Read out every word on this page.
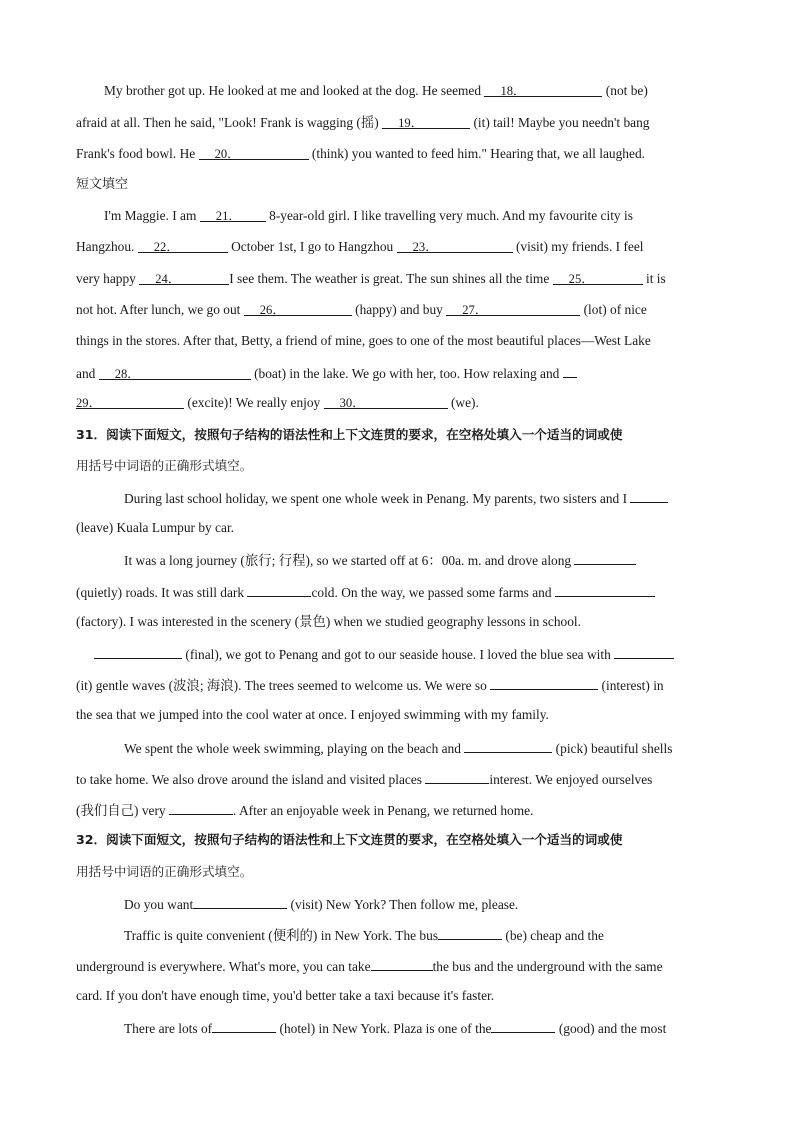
My brother got up. He looked at me and looked at the dog. He seemed 18．	(not be)
afraid at all. Then he said, "Look! Frank is wagging (摇) 19．	(it) tail! Maybe you needn't bang
Frank's food bowl. He 20．	(think) you wanted to feed him." Hearing that, we all laughed.
短文填空
I'm Maggie. I am 21． 8-year-old girl. I like travelling very much. And my favourite city is
Hangzhou. 22．	October 1st, I go to Hangzhou 23．	(visit) my friends. I feel
very happy 24．	I see them. The weather is great. The sun shines all the time 25．	it is
not hot. After lunch, we go out 26．	(happy) and buy 27．	(lot) of nice
things in the stores. After that, Betty, a friend of mine, goes to one of the most beautiful places—West Lake
and 28．	(boat) in the lake. We go with her, too. How relaxing and
29．	(excite)! We really enjoy 30．	(we).
31．阅读下面短文，按照句子结构的语法性和上下文连贯的要求，在空格处填入一个适当的词或使
用括号中词语的正确形式填空。
During last school holiday, we spent one whole week in Penang. My parents, two sisters and I
(leave) Kuala Lumpur by car.
It was a long journey (旅行; 行程), so we started off at 6：00a. m. and drove along
(quietly) roads. It was still dark	cold. On the way, we passed some farms and
(factory). I was interested in the scenery (景色) when we studied geography lessons in school.
(final), we got to Penang and got to our seaside house. I loved the blue sea with
(it) gentle waves (波浪; 海浪). The trees seemed to welcome us. We were so	(interest) in
the sea that we jumped into the cool water at once. I enjoyed swimming with my family.
We spent the whole week swimming, playing on the beach and	(pick) beautiful shells
to take home. We also drove around the island and visited places	interest. We enjoyed ourselves
(我们自己) very	. After an enjoyable week in Penang, we returned home.
32．阅读下面短文，按照句子结构的语法性和上下文连贯的要求，在空格处填入一个适当的词或使
用括号中词语的正确形式填空。
Do you want	(visit) New York? Then follow me, please.
Traffic is quite convenient (便利的) in New York. The bus	(be) cheap and the
underground is everywhere. What's more, you can take	the bus and the underground with the same
card. If you don't have enough time, you'd better take a taxi because it's faster.
There are lots of	(hotel) in New York. Plaza is one of the	(good) and the most
